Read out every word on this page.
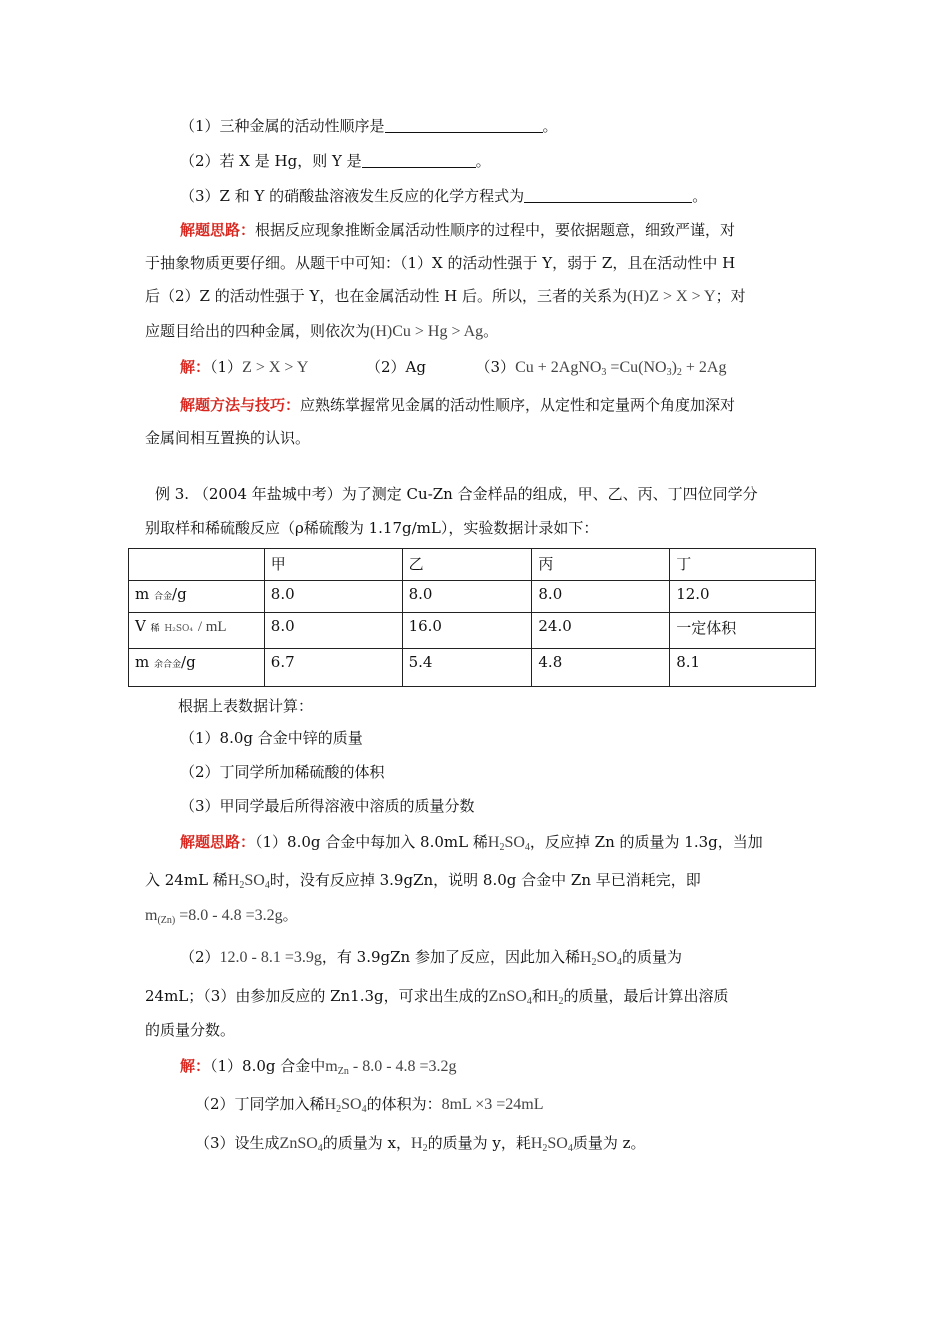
（1）三种金属的活动性顺序是	。
（2）若 X 是 Hg，则 Y 是	。
（3）Z 和 Y 的硝酸盐溶液发生反应的化学方程式为	。
解题思路：根据反应现象推断金属活动性顺序的过程中，要依据题意，细致严谨，对
于抽象物质更要仔细。从题干中可知：（1）X 的活动性强于 Y，弱于 Z，且在活动性中 H
后（2）Z 的活动性强于 Y，也在金属活动性 H 后。所以，三者的关系为(H)Z > X > Y；对
应题目给出的四种金属，则依次为(H)Cu > Hg > Ag。
解：（1）Z > X > Y	（2）Ag	（3）Cu + 2AgNO$_3$ $=Cu(NO_3)_2 + 2Ag$
解题方法与技巧：应熟练掌握常见金属的活动性顺序，从定性和定量两个角度加深对
金属间相互置换的认识。
例 3. （2004 年盐城中考）为了测定 Cu-Zn 合金样品的组成，甲、乙、丙、丁四位同学分
别取样和稀硫酸反应（ρ稀硫酸为 1.17g/mL），实验数据计录如下：
	甲	乙	丙	丁
m 合金/g	8.0	8.0	8.0	12.0
V 稀 H₂SO₄ / mL	8.0	16.0	24.0	一定体积
m 余合金/g	6.7	5.4	4.8	8.1
根据上表数据计算：
（1）8.0g 合金中锌的质量
（2）丁同学所加稀硫酸的体积
（3）甲同学最后所得溶液中溶质的质量分数
解题思路：（1）8.0g 合金中每加入 8.0mL 稀$H_2SO_4$，反应掉 Zn 的质量为 1.3g，当加
入 24mL 稀$H_2SO_4$时，没有反应掉 3.9gZn，说明 8.0g 合金中 Zn 早已消耗完，即
$m_{(Zn)} =8.0 - 4.8 =3.2g$。
（2）12.0 - 8.1 =3.9g，有 3.9gZn 参加了反应，因此加入稀$H_2SO_4$的质量为
24mL；（3）由参加反应的 Zn1.3g，可求出生成的ZnSO$_4$和$H_2$的质量，最后计算出溶质
的质量分数。
解：（1）8.0g 合金中$m_{Zn} - 8.0 - 4.8 =3.2g$
（2）丁同学加入稀$H_2SO_4$的体积为：8mL ×3 =24mL
（3）设生成ZnSO$_4$的质量为 x，$H_2$的质量为 y，耗$H_2SO_4$质量为 z。
